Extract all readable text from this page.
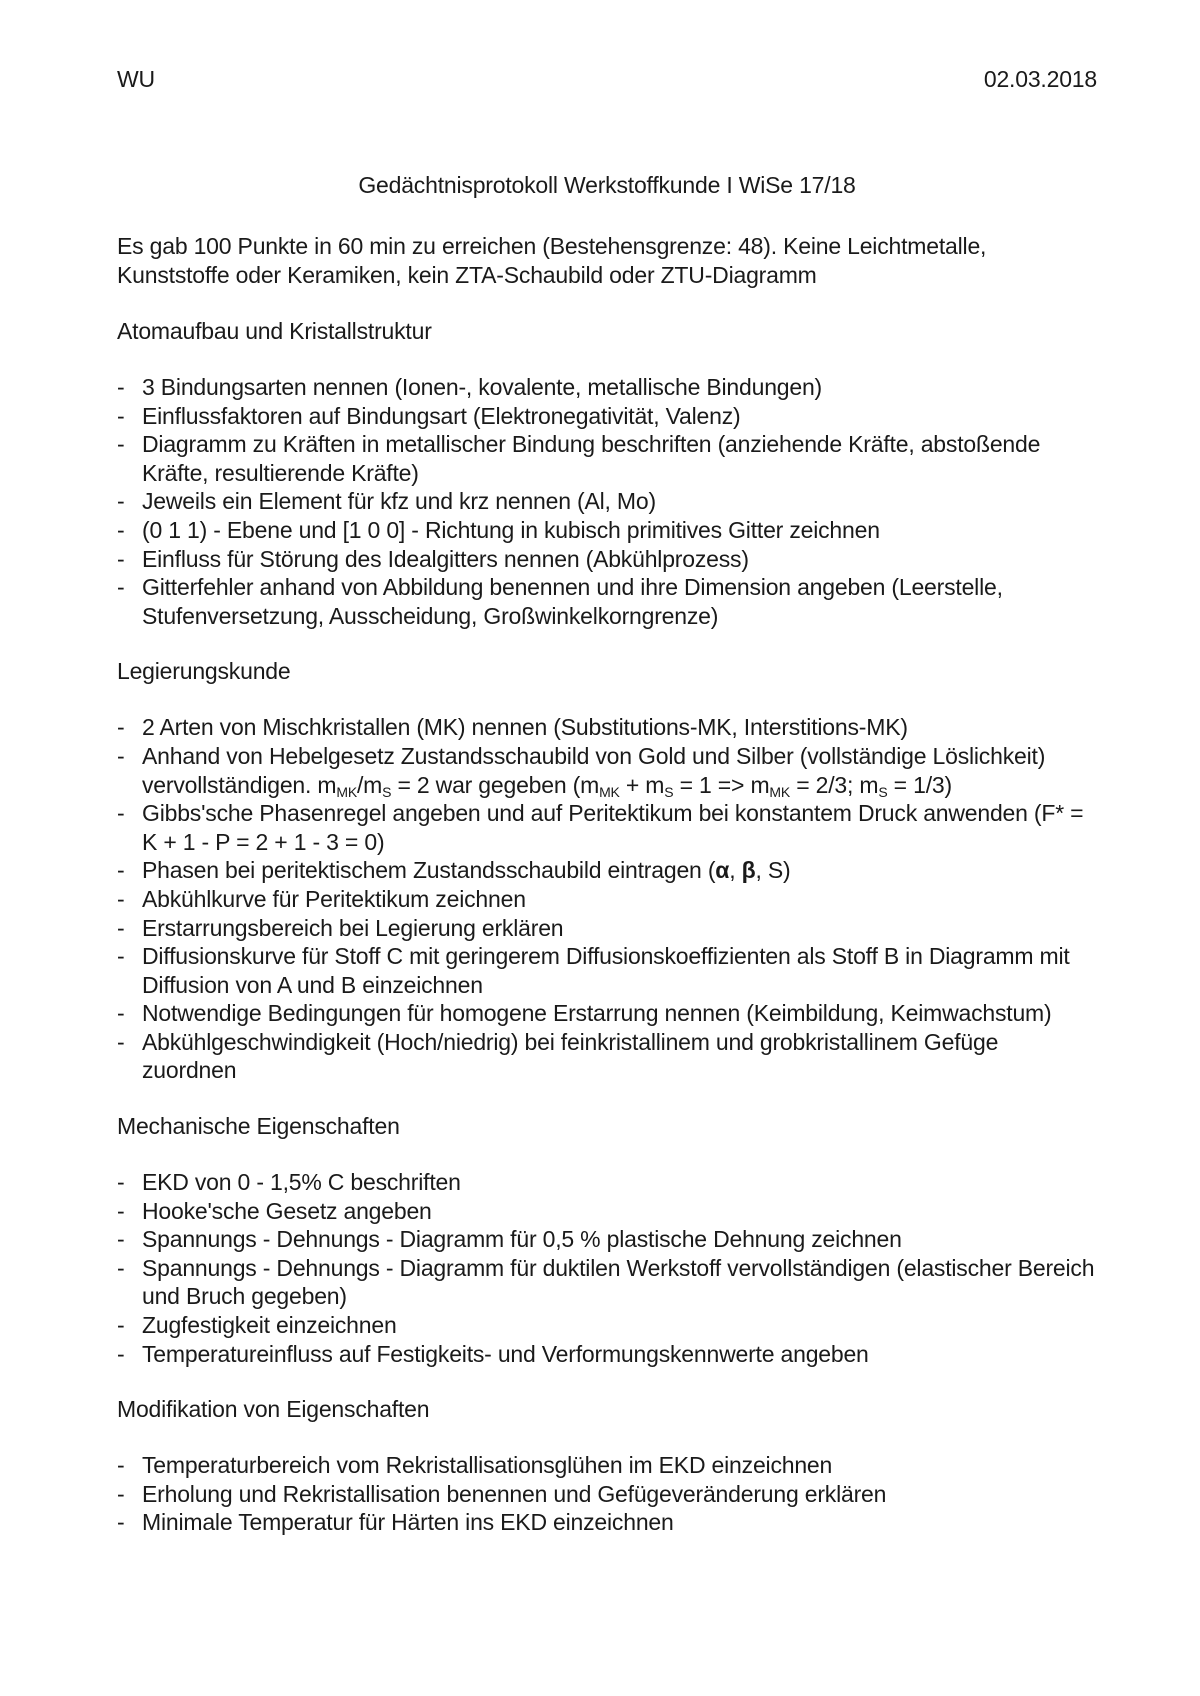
WU	02.03.2018
Gedächtnisprotokoll Werkstoffkunde I WiSe 17/18
Es gab 100 Punkte in 60 min zu erreichen (Bestehensgrenze: 48). Keine Leichtmetalle, Kunststoffe oder Keramiken, kein ZTA-Schaubild oder ZTU-Diagramm
Atomaufbau und Kristallstruktur
- 3 Bindungsarten nennen (Ionen-, kovalente, metallische Bindungen)
- Einflussfaktoren auf Bindungsart (Elektronegativität, Valenz)
- Diagramm zu Kräften in metallischer Bindung beschriften (anziehende Kräfte, abstoßende Kräfte, resultierende Kräfte)
- Jeweils ein Element für kfz und krz nennen (Al, Mo)
- (0 1 1) - Ebene und [1 0 0] - Richtung in kubisch primitives Gitter zeichnen
- Einfluss für Störung des Idealgitters nennen (Abkühlprozess)
- Gitterfehler anhand von Abbildung benennen und ihre Dimension angeben (Leerstelle, Stufenversetzung, Ausscheidung, Großwinkelkorngrenze)
Legierungskunde
- 2 Arten von Mischkristallen (MK) nennen (Substitutions-MK, Interstitions-MK)
- Anhand von Hebelgesetz Zustandsschaubild von Gold und Silber (vollständige Löslichkeit) vervollständigen. $m_{MK}/m_S = 2$ war gegeben ($m_{MK} + m_S = 1 => m_{MK} = 2/3$; $m_S = 1/3$)
- Gibbs'sche Phasenregel angeben und auf Peritektikum bei konstantem Druck anwenden (F* = K + 1 - P = 2 + 1 - 3 = 0)
- Phasen bei peritektischem Zustandsschaubild eintragen (α, β, S)
- Abkühlkurve für Peritektikum zeichnen
- Erstarrungsbereich bei Legierung erklären
- Diffusionskurve für Stoff C mit geringerem Diffusionskoeffizienten als Stoff B in Diagramm mit Diffusion von A und B einzeichnen
- Notwendige Bedingungen für homogene Erstarrung nennen (Keimbildung, Keimwachstum)
- Abkühlgeschwindigkeit (Hoch/niedrig) bei feinkristallinem und grobkristallinem Gefüge zuordnen
Mechanische Eigenschaften
- EKD von 0 - 1,5% C beschriften
- Hooke'sche Gesetz angeben
- Spannungs - Dehnungs - Diagramm für 0,5 % plastische Dehnung zeichnen
- Spannungs - Dehnungs - Diagramm für duktilen Werkstoff vervollständigen (elastischer Bereich und Bruch gegeben)
- Zugfestigkeit einzeichnen
- Temperatureinfluss auf Festigkeits- und Verformungskennwerte angeben
Modifikation von Eigenschaften
- Temperaturbereich vom Rekristallisationsglühen im EKD einzeichnen
- Erholung und Rekristallisation benennen und Gefügeveränderung erklären
- Minimale Temperatur für Härten ins EKD einzeichnen
